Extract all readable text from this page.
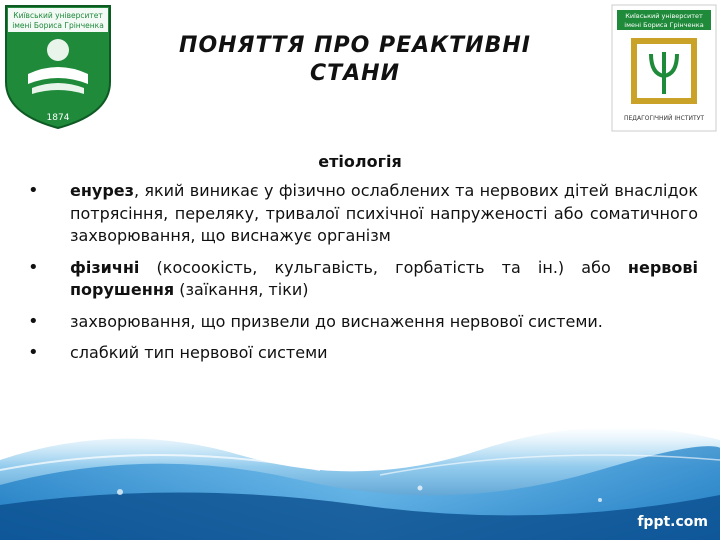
Київський університет
імені Бориса Грінченка
1874
Київський університет
імені Бориса Грінченка
ПЕДАГОГІЧНИЙ ІНСТИТУТ
ПОНЯТТЯ ПРО РЕАКТИВНІ
СТАНИ
етіологія
• енурез, який виникає у фізично ослаблених та нервових дітей внаслідок потрясіння, переляку, тривалої психічної напруженості або соматичного захворювання, що виснажує організм
• фізичні (косоокість, кульгавість, горбатість та ін.) або нервові порушення (заїкання, тіки)
• захворювання, що призвели до виснаження нервової системи.
• слабкий тип нервової системи
fppt.com
